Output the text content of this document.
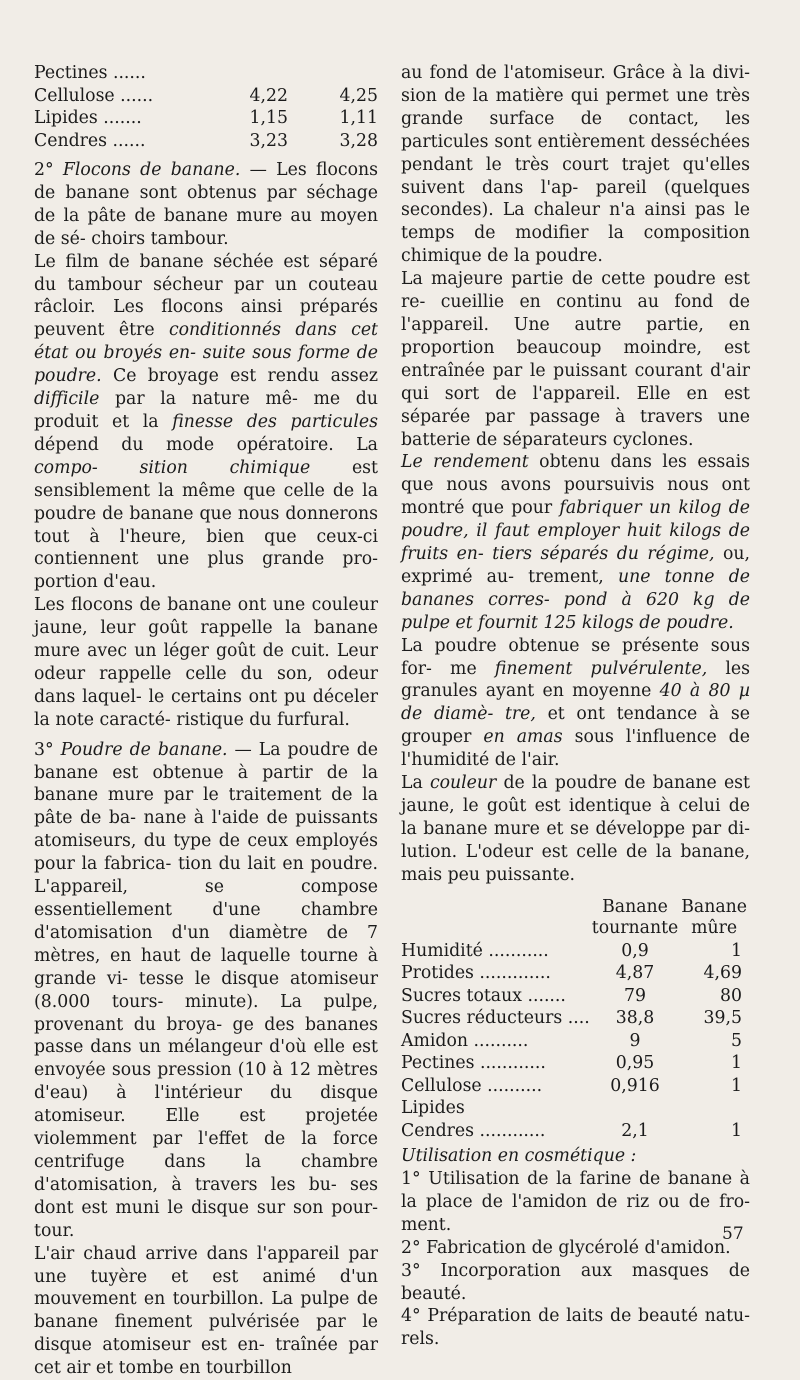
Pectines ......		
Cellulose ......	4,22	4,25
Lipides .......	1,15	1,11
Cendres ......	3,23	3,28

2° Flocons de banane. — Les flocons de banane sont obtenus par séchage de la pâte de banane mure au moyen de sé- choirs tambour.

Le film de banane séchée est séparé du tambour sécheur par un couteau râcloir. Les flocons ainsi préparés peuvent être conditionnés dans cet état ou broyés en- suite sous forme de poudre. Ce broyage est rendu assez difficile par la nature mê- me du produit et la finesse des particules dépend du mode opératoire. La compo- sition chimique est sensiblement la même que celle de la poudre de banane que nous donnerons tout à l'heure, bien que ceux-ci contiennent une plus grande pro- portion d'eau.

Les flocons de banane ont une couleur jaune, leur goût rappelle la banane mure avec un léger goût de cuit. Leur odeur rappelle celle du son, odeur dans laquel- le certains ont pu déceler la note caracté- ristique du furfural.

3° Poudre de banane. — La poudre de banane est obtenue à partir de la banane mure par le traitement de la pâte de ba- nane à l'aide de puissants atomiseurs, du type de ceux employés pour la fabrica- tion du lait en poudre. L'appareil, se compose essentiellement d'une chambre d'atomisation d'un diamètre de 7 mètres, en haut de laquelle tourne à grande vi- tesse le disque atomiseur (8.000 tours- minute). La pulpe, provenant du broya- ge des bananes passe dans un mélangeur d'où elle est envoyée sous pression (10 à 12 mètres d'eau) à l'intérieur du disque atomiseur. Elle est projetée violemment par l'effet de la force centrifuge dans la chambre d'atomisation, à travers les bu- ses dont est muni le disque sur son pour- tour.

L'air chaud arrive dans l'appareil par une tuyère et est animé d'un mouvement en tourbillon. La pulpe de banane finement pulvérisée par le disque atomiseur est en- traînée par cet air et tombe en tourbillon

au fond de l'atomiseur. Grâce à la divi- sion de la matière qui permet une très grande surface de contact, les particules sont entièrement desséchées pendant le très court trajet qu'elles suivent dans l'ap- pareil (quelques secondes). La chaleur n'a ainsi pas le temps de modifier la composition chimique de la poudre.

La majeure partie de cette poudre est re- cueillie en continu au fond de l'appareil. Une autre partie, en proportion beaucoup moindre, est entraînée par le puissant courant d'air qui sort de l'appareil. Elle en est séparée par passage à travers une batterie de séparateurs cyclones.

Le rendement obtenu dans les essais que nous avons poursuivis nous ont montré que pour fabriquer un kilog de poudre, il faut employer huit kilogs de fruits en- tiers séparés du régime, ou, exprimé au- trement, une tonne de bananes corres- pond à 620 kg de pulpe et fournit 125 kilogs de poudre.

La poudre obtenue se présente sous for- me finement pulvérulente, les granules ayant en moyenne 40 à 80 µ de diamè- tre, et ont tendance à se grouper en amas sous l'influence de l'humidité de l'air.

La couleur de la poudre de banane est jaune, le goût est identique à celui de la banane mure et se développe par di- lution. L'odeur est celle de la banane, mais peu puissante.

	Banane	Banane
	tournante	mûre
Humidité ...........	0,9	1
Protides .............	4,87	4,69
Sucres totaux .......	79	80
Sucres réducteurs ....	38,8	39,5
Amidon ..........	9	5
Pectines ............	0,95	1
Cellulose ..........	0,916	1
Lipides		
Cendres ............	2,1	1

Utilisation en cosmétique :

1° Utilisation de la farine de banane à la place de l'amidon de riz ou de fro- ment.

2° Fabrication de glycérolé d'amidon.

3° Incorporation aux masques de beauté.

4° Préparation de laits de beauté natu- rels.

57
